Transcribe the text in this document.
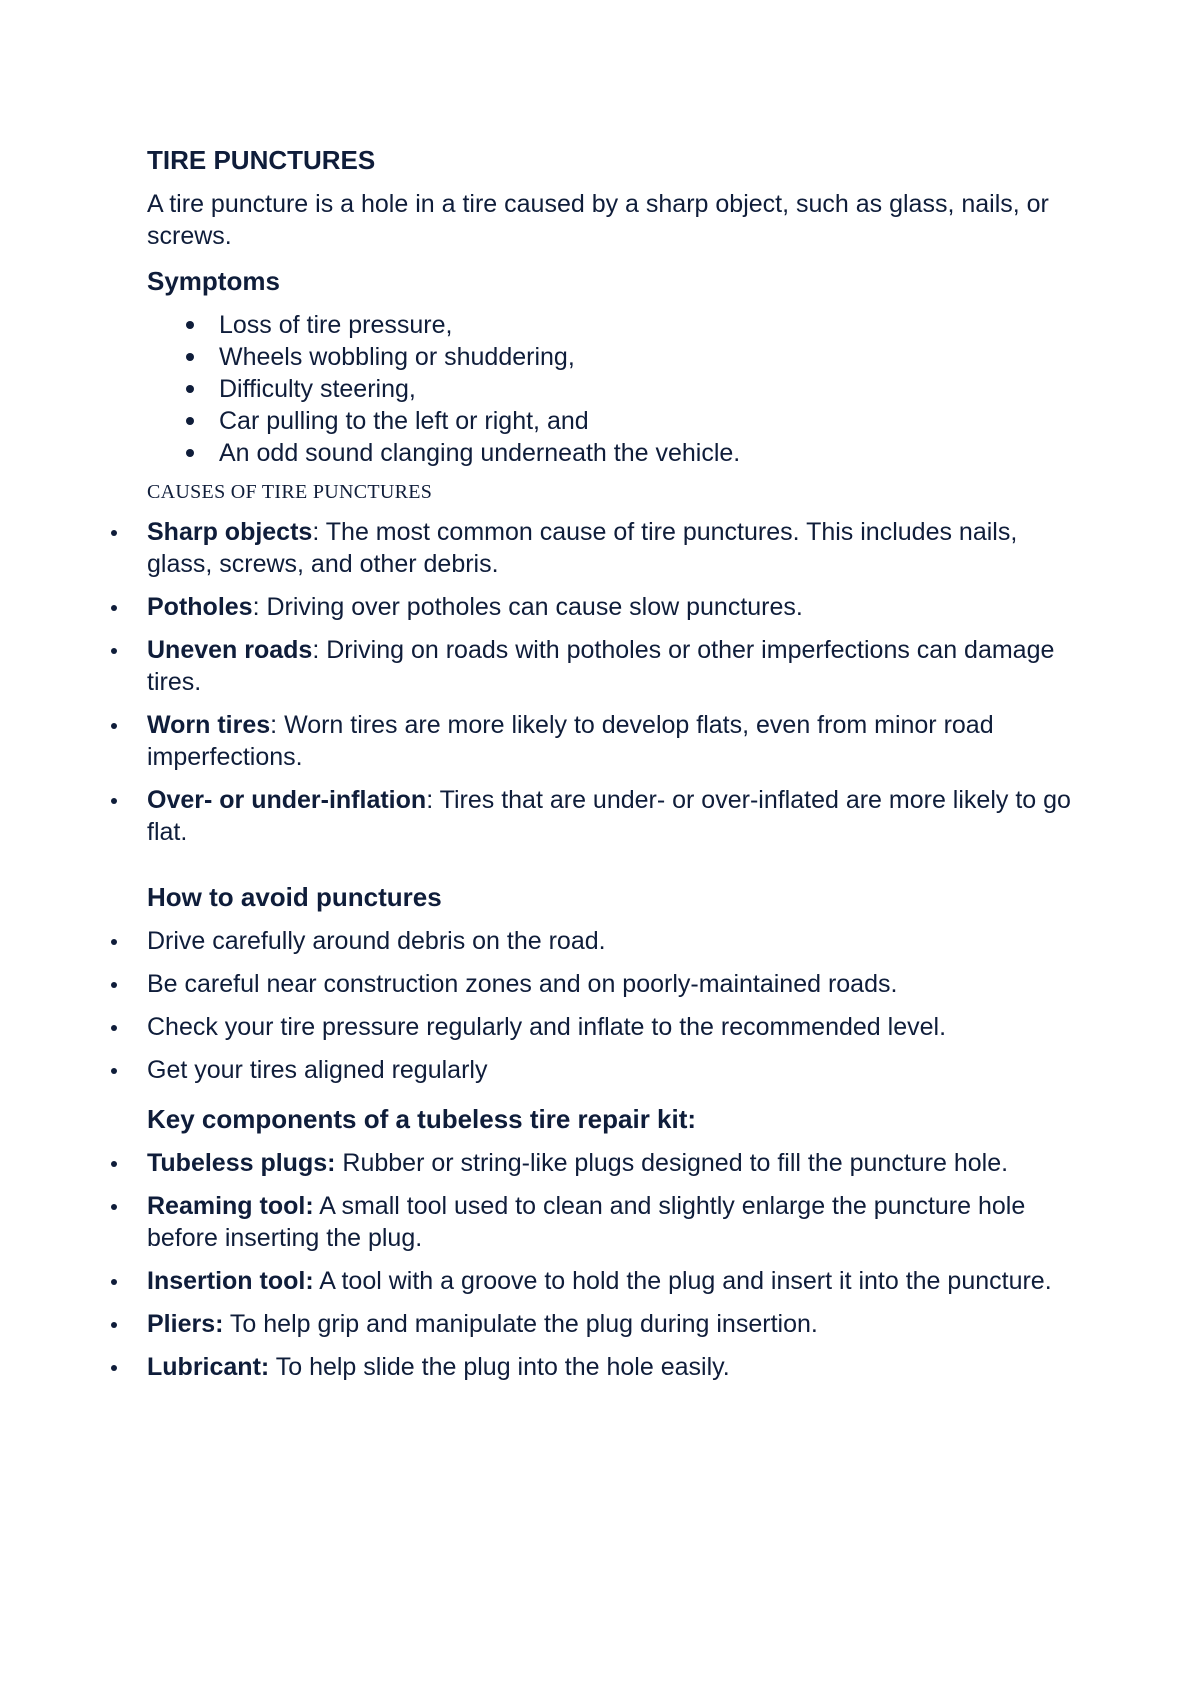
TIRE PUNCTURES

A tire puncture is a hole in a tire caused by a sharp object, such as glass, nails, or screws.

Symptoms
Loss of tire pressure,
Wheels wobbling or shuddering,
Difficulty steering,
Car pulling to the left or right, and
An odd sound clanging underneath the vehicle.
CAUSES OF TIRE PUNCTURES
Sharp objects: The most common cause of tire punctures. This includes nails, glass, screws, and other debris.
Potholes: Driving over potholes can cause slow punctures.
Uneven roads: Driving on roads with potholes or other imperfections can damage tires.
Worn tires: Worn tires are more likely to develop flats, even from minor road imperfections.
Over- or under-inflation: Tires that are under- or over-inflated are more likely to go flat.
How to avoid punctures
Drive carefully around debris on the road.
Be careful near construction zones and on poorly-maintained roads.
Check your tire pressure regularly and inflate to the recommended level.
Get your tires aligned regularly
Key components of a tubeless tire repair kit:
Tubeless plugs: Rubber or string-like plugs designed to fill the puncture hole.
Reaming tool: A small tool used to clean and slightly enlarge the puncture hole before inserting the plug.
Insertion tool: A tool with a groove to hold the plug and insert it into the puncture.
Pliers: To help grip and manipulate the plug during insertion.
Lubricant: To help slide the plug into the hole easily.
